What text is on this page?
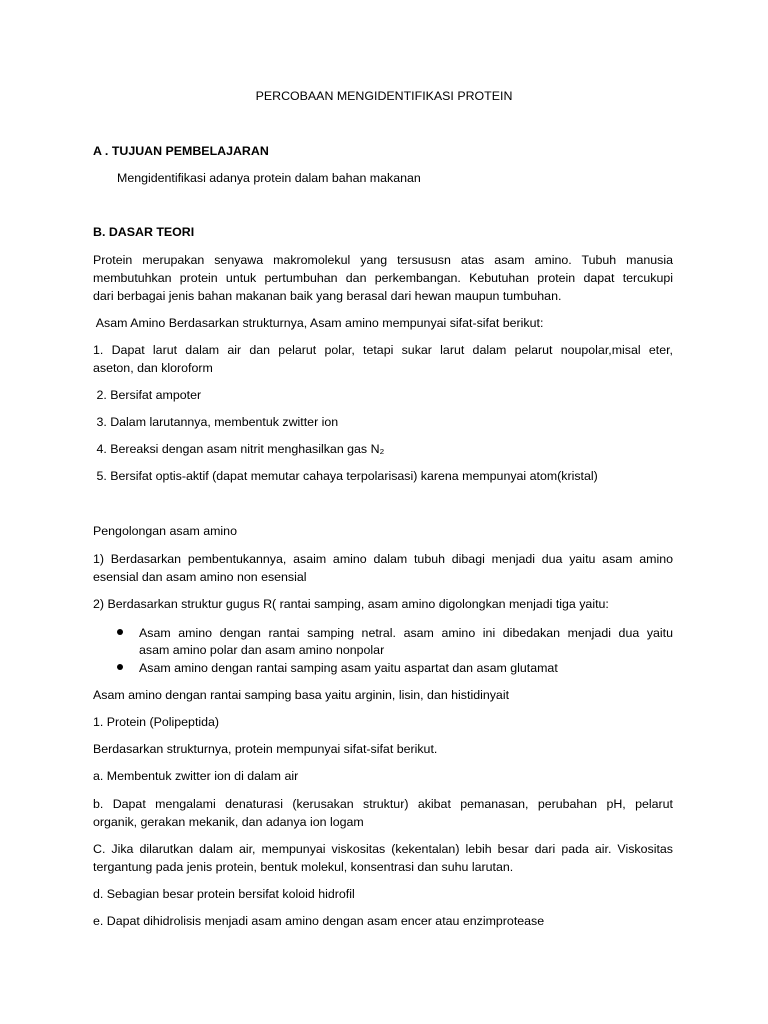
PERCOBAAN MENGIDENTIFIKASI PROTEIN

A . TUJUAN PEMBELAJARAN

Mengidentifikasi adanya protein dalam bahan makanan

B. DASAR TEORI

Protein merupakan senyawa makromolekul yang tersususn atas asam amino. Tubuh manusia

membutuhkan protein untuk pertumbuhan dan perkembangan. Kebutuhan protein dapat tercukupi

dari berbagai jenis bahan makanan baik yang berasal dari hewan maupun tumbuhan.

Asam Amino Berdasarkan strukturnya, Asam amino mempunyai sifat-sifat berikut:

1. Dapat larut dalam air dan pelarut polar, tetapi sukar larut dalam pelarut noupolar,misal eter,

aseton, dan kloroform

2. Bersifat ampoter

3. Dalam larutannya, membentuk zwitter ion

4. Bereaksi dengan asam nitrit menghasilkan gas N₂

5. Bersifat optis-aktif (dapat memutar cahaya terpolarisasi) karena mempunyai atom(kristal)

Pengolongan asam amino

1) Berdasarkan pembentukannya, asaim amino dalam tubuh dibagi menjadi dua yaitu asam amino

esensial dan asam amino non esensial

2) Berdasarkan struktur gugus R( rantai samping, asam amino digolongkan menjadi tiga yaitu:

Asam amino dengan rantai samping netral. asam amino ini dibedakan menjadi dua yaitu

asam amino polar dan asam amino nonpolar

Asam amino dengan rantai samping asam yaitu aspartat dan asam glutamat

Asam amino dengan rantai samping basa yaitu arginin, lisin, dan histidinyait

1. Protein (Polipeptida)

Berdasarkan strukturnya, protein mempunyai sifat-sifat berikut.

a. Membentuk zwitter ion di dalam air

b. Dapat mengalami denaturasi (kerusakan struktur) akibat pemanasan, perubahan pH, pelarut

organik, gerakan mekanik, dan adanya ion logam

C. Jika dilarutkan dalam air, mempunyai viskositas (kekentalan) lebih besar dari pada air. Viskositas

tergantung pada jenis protein, bentuk molekul, konsentrasi dan suhu larutan.

d. Sebagian besar protein bersifat koloid hidrofil

e. Dapat dihidrolisis menjadi asam amino dengan asam encer atau enzimprotease
